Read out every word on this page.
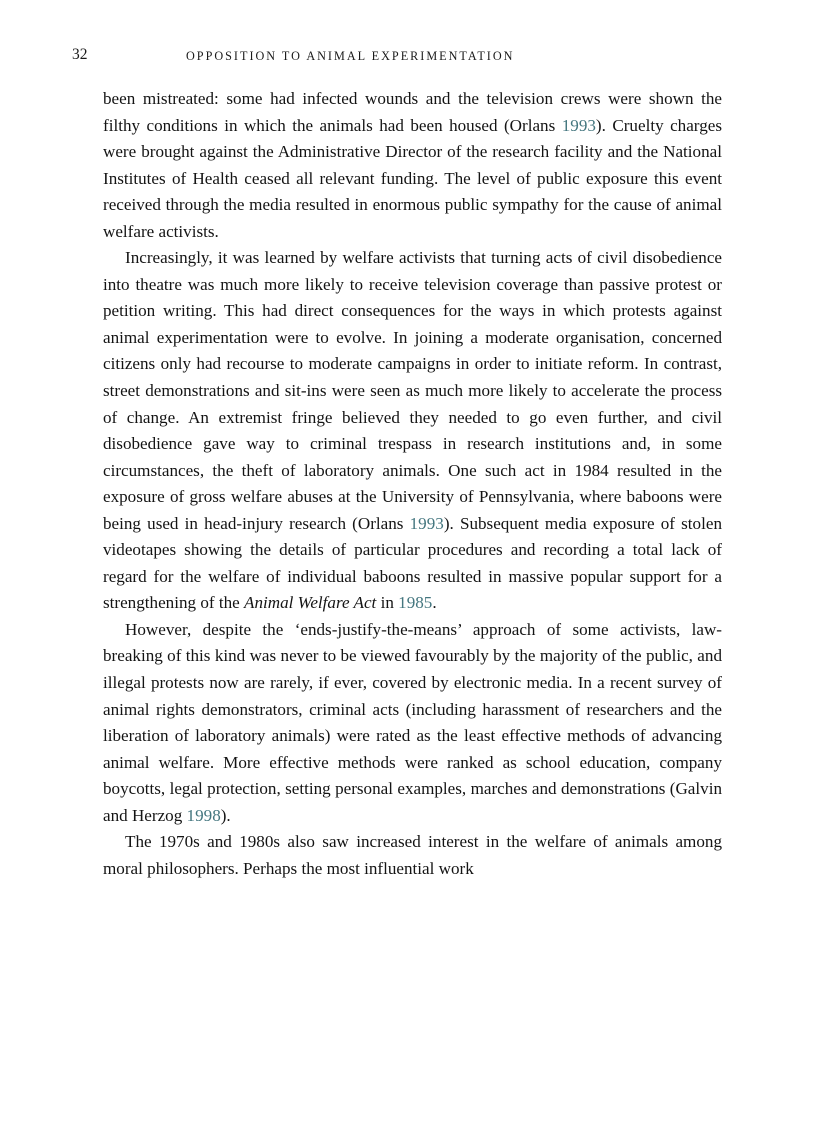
32	OPPOSITION TO ANIMAL EXPERIMENTATION

been mistreated: some had infected wounds and the television crews were shown the filthy conditions in which the animals had been housed (Orlans 1993). Cruelty charges were brought against the Administrative Director of the research facility and the National Institutes of Health ceased all relevant funding. The level of public exposure this event received through the media resulted in enormous public sympathy for the cause of animal welfare activists.

Increasingly, it was learned by welfare activists that turning acts of civil disobedience into theatre was much more likely to receive television coverage than passive protest or petition writing. This had direct consequences for the ways in which protests against animal experimentation were to evolve. In joining a moderate organisation, concerned citizens only had recourse to moderate campaigns in order to initiate reform. In contrast, street demonstrations and sit-ins were seen as much more likely to accelerate the process of change. An extremist fringe believed they needed to go even further, and civil disobedience gave way to criminal trespass in research institutions and, in some circumstances, the theft of laboratory animals. One such act in 1984 resulted in the exposure of gross welfare abuses at the University of Pennsylvania, where baboons were being used in head-injury research (Orlans 1993). Subsequent media exposure of stolen videotapes showing the details of particular procedures and recording a total lack of regard for the welfare of individual baboons resulted in massive popular support for a strengthening of the Animal Welfare Act in 1985.

However, despite the ‘ends-justify-the-means’ approach of some activists, law-breaking of this kind was never to be viewed favourably by the majority of the public, and illegal protests now are rarely, if ever, covered by electronic media. In a recent survey of animal rights demonstrators, criminal acts (including harassment of researchers and the liberation of laboratory animals) were rated as the least effective methods of advancing animal welfare. More effective methods were ranked as school education, company boycotts, legal protection, setting personal examples, marches and demonstrations (Galvin and Herzog 1998).

The 1970s and 1980s also saw increased interest in the welfare of animals among moral philosophers. Perhaps the most influential work
